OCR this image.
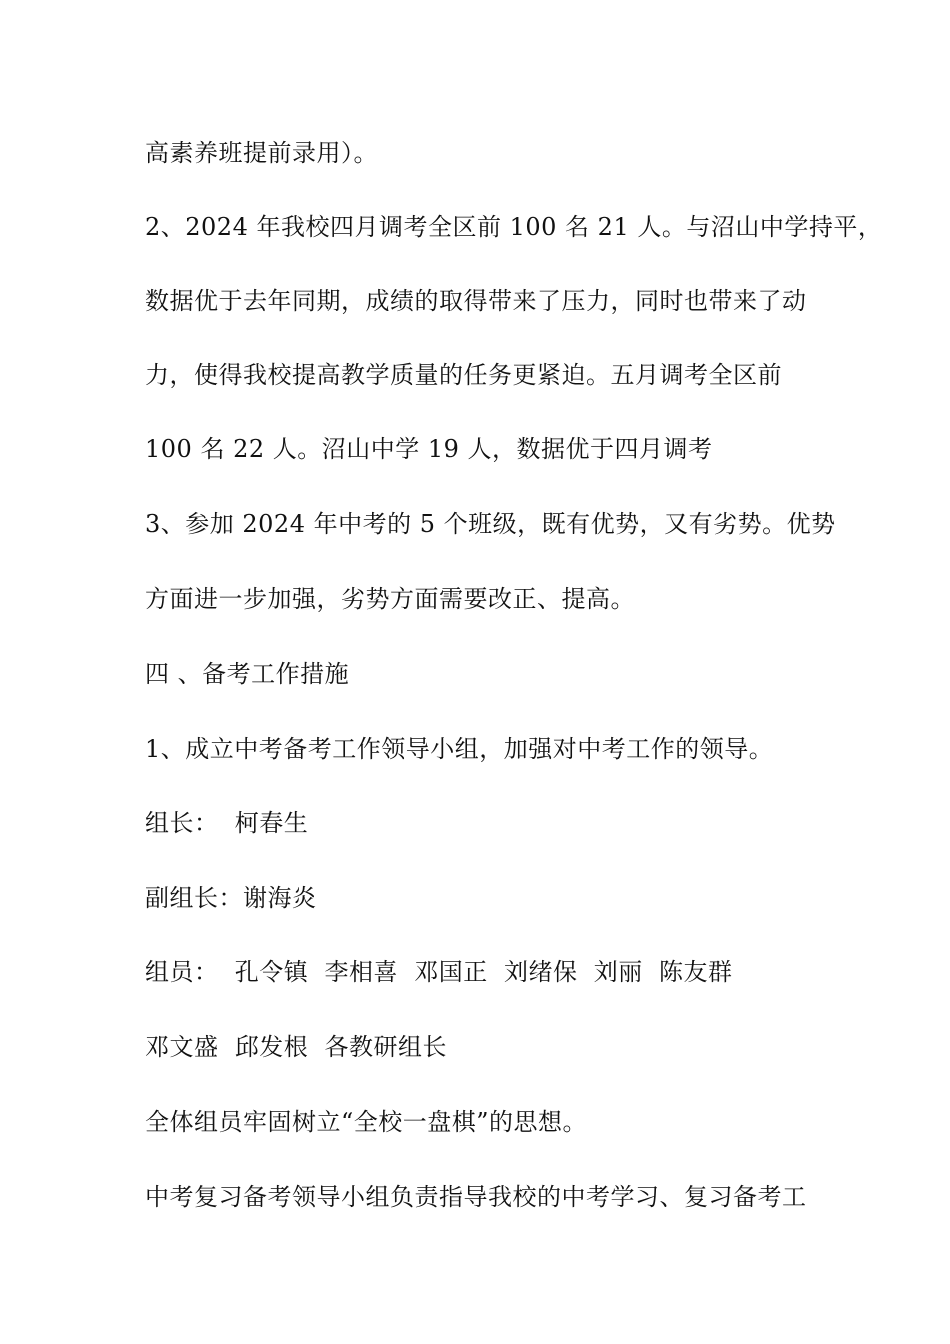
高素养班提前录用）。
2、2024 年我校四月调考全区前 100 名 21 人。与沼山中学持平，
数据优于去年同期，成绩的取得带来了压力，同时也带来了动
力，使得我校提高教学质量的任务更紧迫。五月调考全区前
100 名 22 人。沼山中学 19 人，数据优于四月调考
3、参加 2024 年中考的 5 个班级，既有优势，又有劣势。优势
方面进一步加强，劣势方面需要改正、提高。
四 、备考工作措施
1、成立中考备考工作领导小组，加强对中考工作的领导。
组长：  柯春生
副组长：谢海炎
组员：  孔令镇  李相喜  邓国正  刘绪保  刘丽  陈友群
邓文盛  邱发根  各教研组长
全体组员牢固树立“全校一盘棋”的思想。
中考复习备考领导小组负责指导我校的中考学习、复习备考工
